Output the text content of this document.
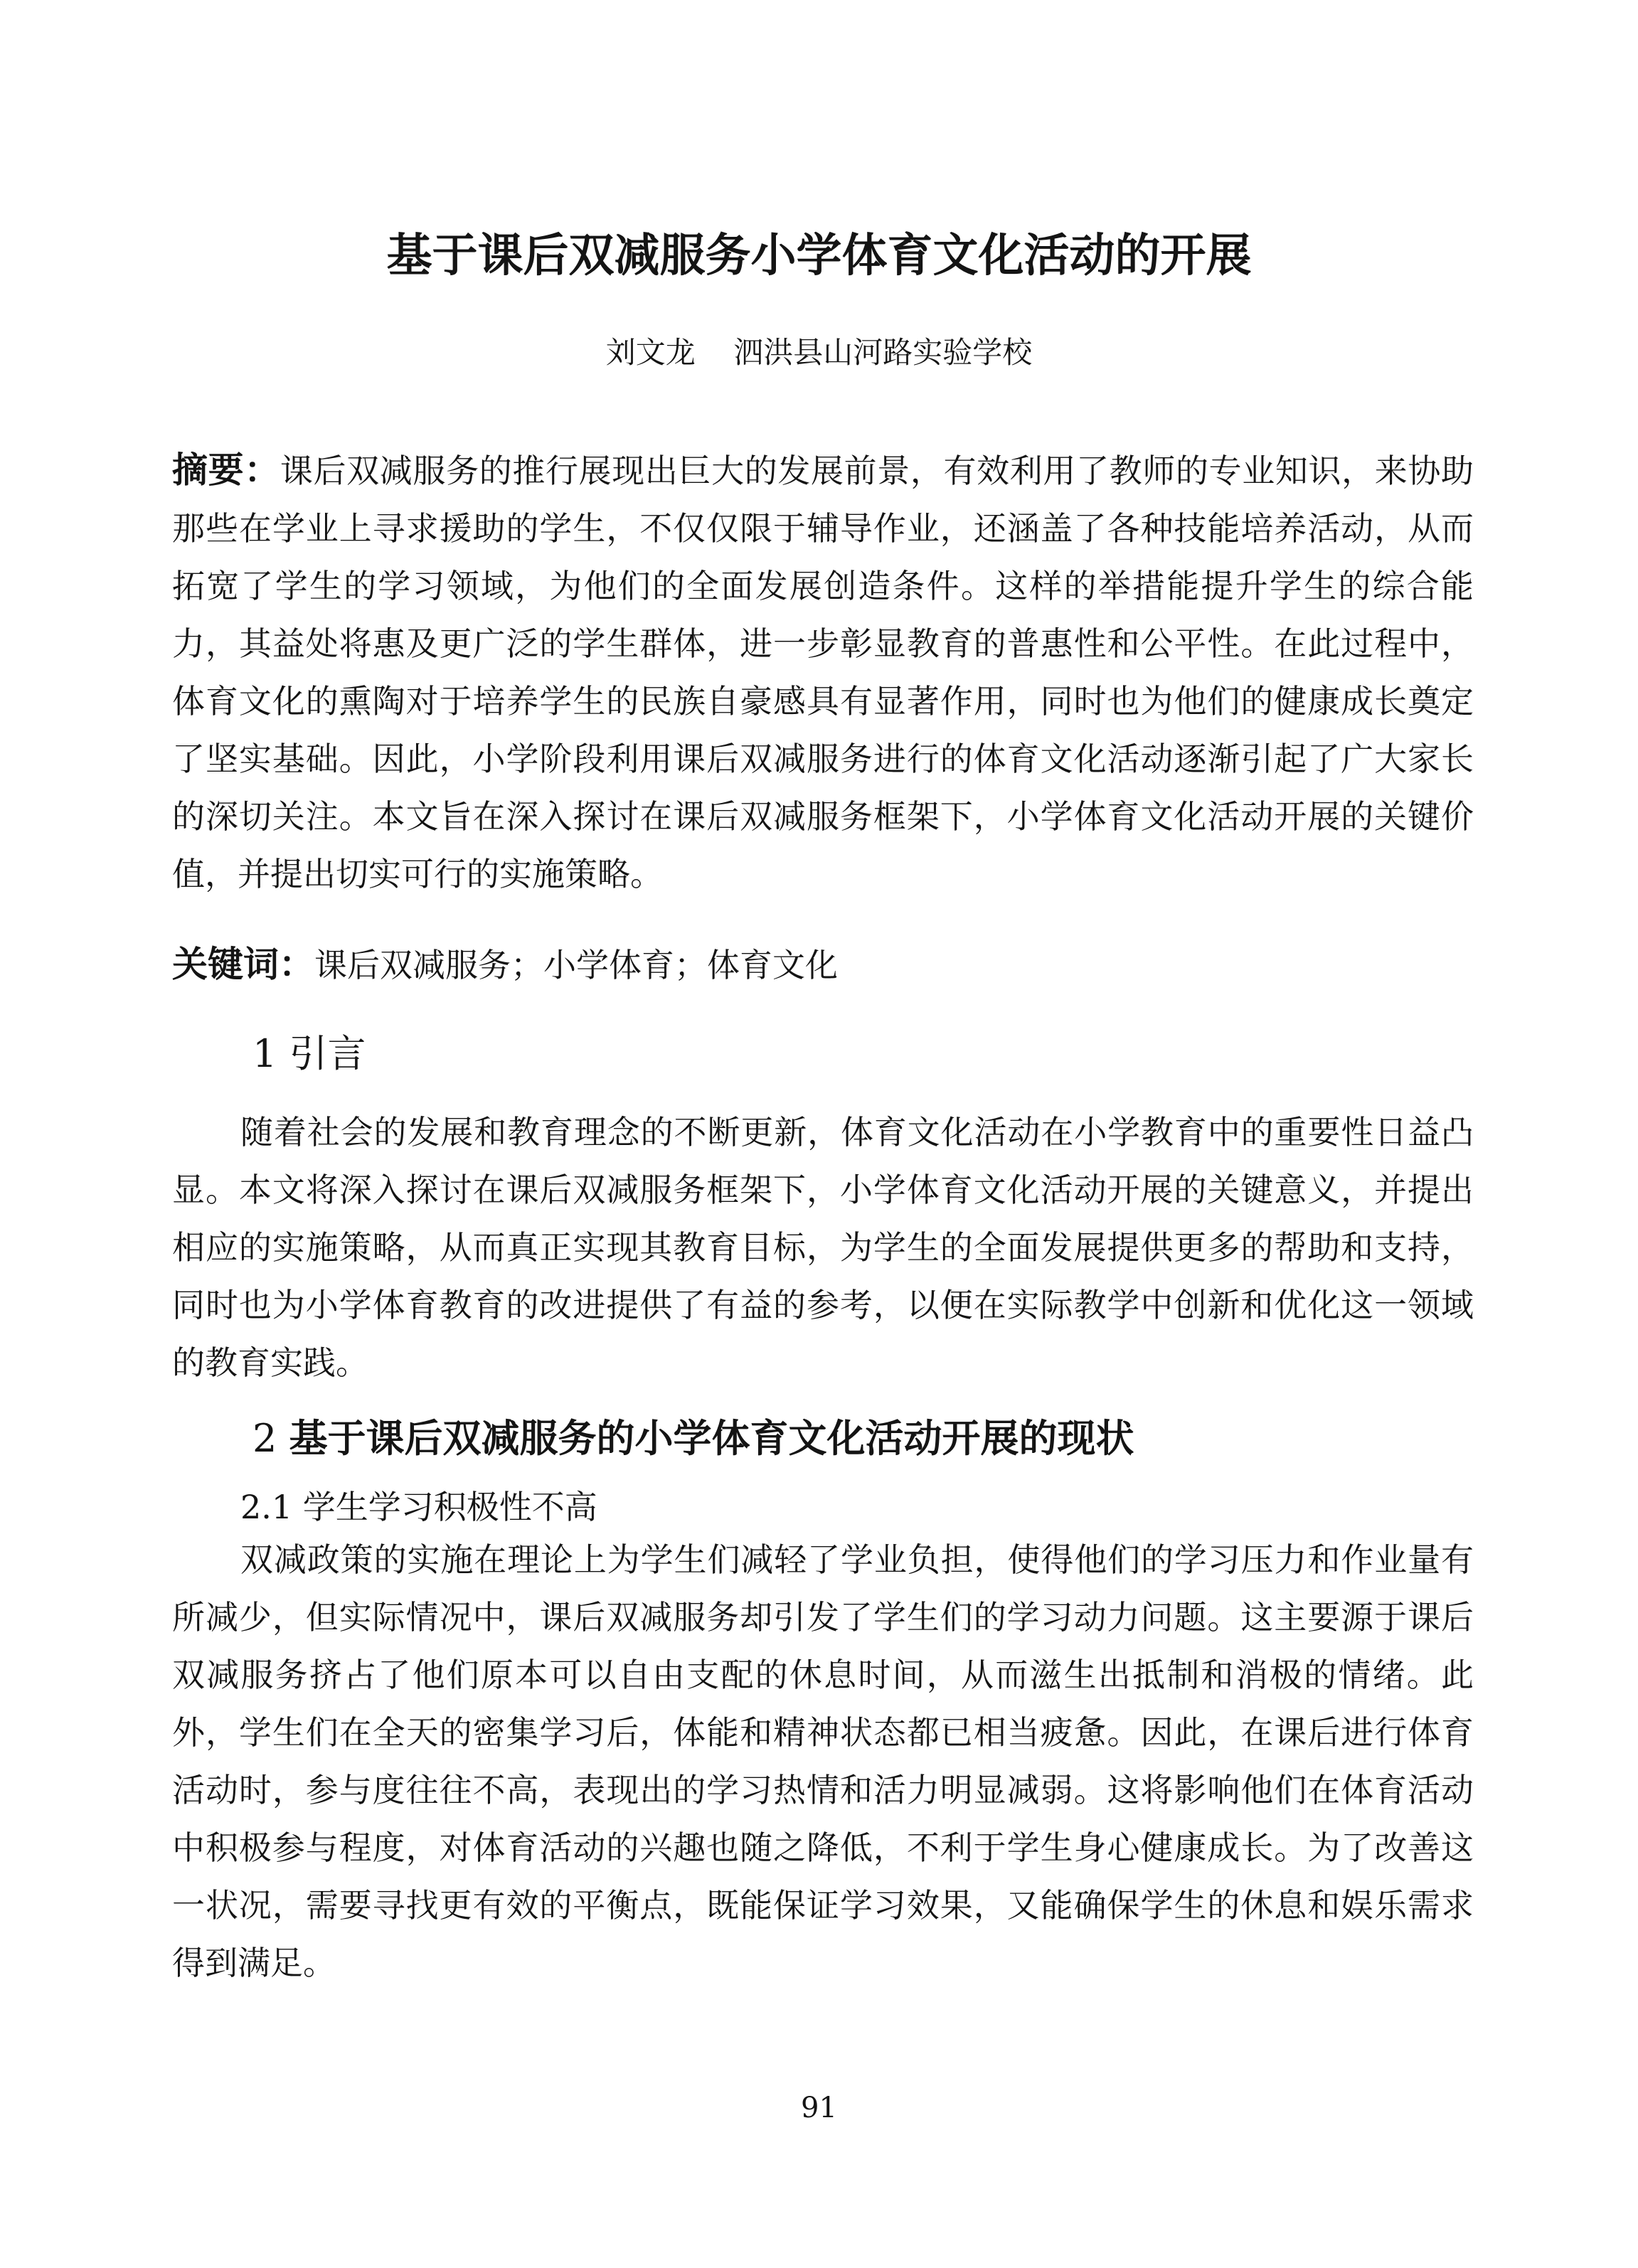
基于课后双减服务小学体育文化活动的开展

刘文龙    泗洪县山河路实验学校

摘要：课后双减服务的推行展现出巨大的发展前景，有效利用了教师的专业知识，来协助那些在学业上寻求援助的学生，不仅仅限于辅导作业，还涵盖了各种技能培养活动，从而拓宽了学生的学习领域，为他们的全面发展创造条件。这样的举措能提升学生的综合能力，其益处将惠及更广泛的学生群体，进一步彰显教育的普惠性和公平性。在此过程中，体育文化的熏陶对于培养学生的民族自豪感具有显著作用，同时也为他们的健康成长奠定了坚实基础。因此，小学阶段利用课后双减服务进行的体育文化活动逐渐引起了广大家长的深切关注。本文旨在深入探讨在课后双减服务框架下，小学体育文化活动开展的关键价值，并提出切实可行的实施策略。

关键词：课后双减服务；小学体育；体育文化

1 引言

随着社会的发展和教育理念的不断更新，体育文化活动在小学教育中的重要性日益凸显。本文将深入探讨在课后双减服务框架下，小学体育文化活动开展的关键意义，并提出相应的实施策略，从而真正实现其教育目标，为学生的全面发展提供更多的帮助和支持，同时也为小学体育教育的改进提供了有益的参考，以便在实际教学中创新和优化这一领域的教育实践。

2 基于课后双减服务的小学体育文化活动开展的现状
2.1 学生学习积极性不高

双减政策的实施在理论上为学生们减轻了学业负担，使得他们的学习压力和作业量有所减少，但实际情况中，课后双减服务却引发了学生们的学习动力问题。这主要源于课后双减服务挤占了他们原本可以自由支配的休息时间，从而滋生出抵制和消极的情绪。此外，学生们在全天的密集学习后，体能和精神状态都已相当疲惫。因此，在课后进行体育活动时，参与度往往不高，表现出的学习热情和活力明显减弱。这将影响他们在体育活动中积极参与程度，对体育活动的兴趣也随之降低，不利于学生身心健康成长。为了改善这一状况，需要寻找更有效的平衡点，既能保证学习效果，又能确保学生的休息和娱乐需求得到满足。

91
